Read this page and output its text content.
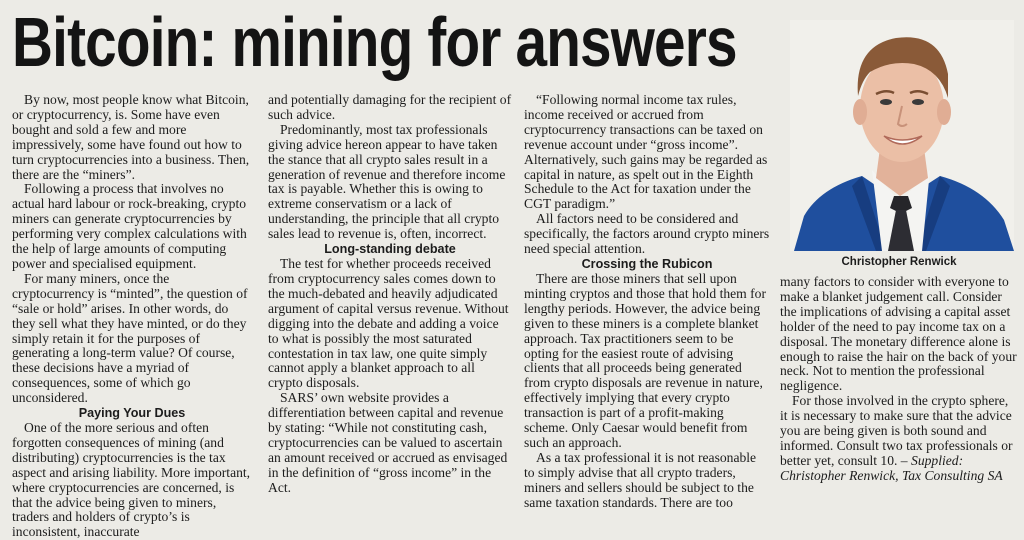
Bitcoin: mining for answers

Christopher Renwick

By now, most people know what Bitcoin, or cryptocurrency, is. Some have even bought and sold a few and more impressively, some have found out how to turn cryptocurrencies into a business. Then, there are the “miners”.

Following a process that involves no actual hard labour or rock-breaking, crypto miners can generate cryptocurrencies by performing very complex calculations with the help of large amounts of computing power and specialised equipment.

For many miners, once the cryptocurrency is “minted”, the question of “sale or hold” arises. In other words, do they sell what they have minted, or do they simply retain it for the purposes of generating a long-term value? Of course, these decisions have a myriad of consequences, some of which go unconsidered.

Paying Your Dues

One of the more serious and often forgotten consequences of mining (and distributing) cryptocurrencies is the tax aspect and arising liability. More important, where cryptocurrencies are concerned, is that the advice being given to miners, traders and holders of crypto’s is inconsistent, inaccurate

and potentially damaging for the recipient of such advice.

Predominantly, most tax professionals giving advice hereon appear to have taken the stance that all crypto sales result in a generation of revenue and therefore income tax is payable. Whether this is owing to extreme conservatism or a lack of understanding, the principle that all crypto sales lead to revenue is, often, incorrect.

Long-standing debate

The test for whether proceeds received from cryptocurrency sales comes down to the much-debated and heavily adjudicated argument of capital versus revenue. Without digging into the debate and adding a voice to what is possibly the most saturated contestation in tax law, one quite simply cannot apply a blanket approach to all crypto disposals.

SARS’ own website provides a differentiation between capital and revenue by stating: “While not constituting cash, cryptocurrencies can be valued to ascertain an amount received or accrued as envisaged in the definition of “gross income” in the Act.

“Following normal income tax rules, income received or accrued from cryptocurrency transactions can be taxed on revenue account under “gross income”. Alternatively, such gains may be regarded as capital in nature, as spelt out in the Eighth Schedule to the Act for taxation under the CGT paradigm.”

All factors need to be considered and specifically, the factors around crypto miners need special attention.

Crossing the Rubicon

There are those miners that sell upon minting cryptos and those that hold them for lengthy periods. However, the advice being given to these miners is a complete blanket approach. Tax practitioners seem to be opting for the easiest route of advising clients that all proceeds being generated from crypto disposals are revenue in nature, effectively implying that every crypto transaction is part of a profit-making scheme. Only Caesar would benefit from such an approach.

As a tax professional it is not reasonable to simply advise that all crypto traders, miners and sellers should be subject to the same taxation standards. There are too

many factors to consider with everyone to make a blanket judgement call. Consider the implications of advising a capital asset holder of the need to pay income tax on a disposal. The monetary difference alone is enough to raise the hair on the back of your neck. Not to mention the professional negligence.

For those involved in the crypto sphere, it is necessary to make sure that the advice you are being given is both sound and informed. Consult two tax professionals or better yet, consult 10. – Supplied: Christopher Renwick, Tax Consulting SA
